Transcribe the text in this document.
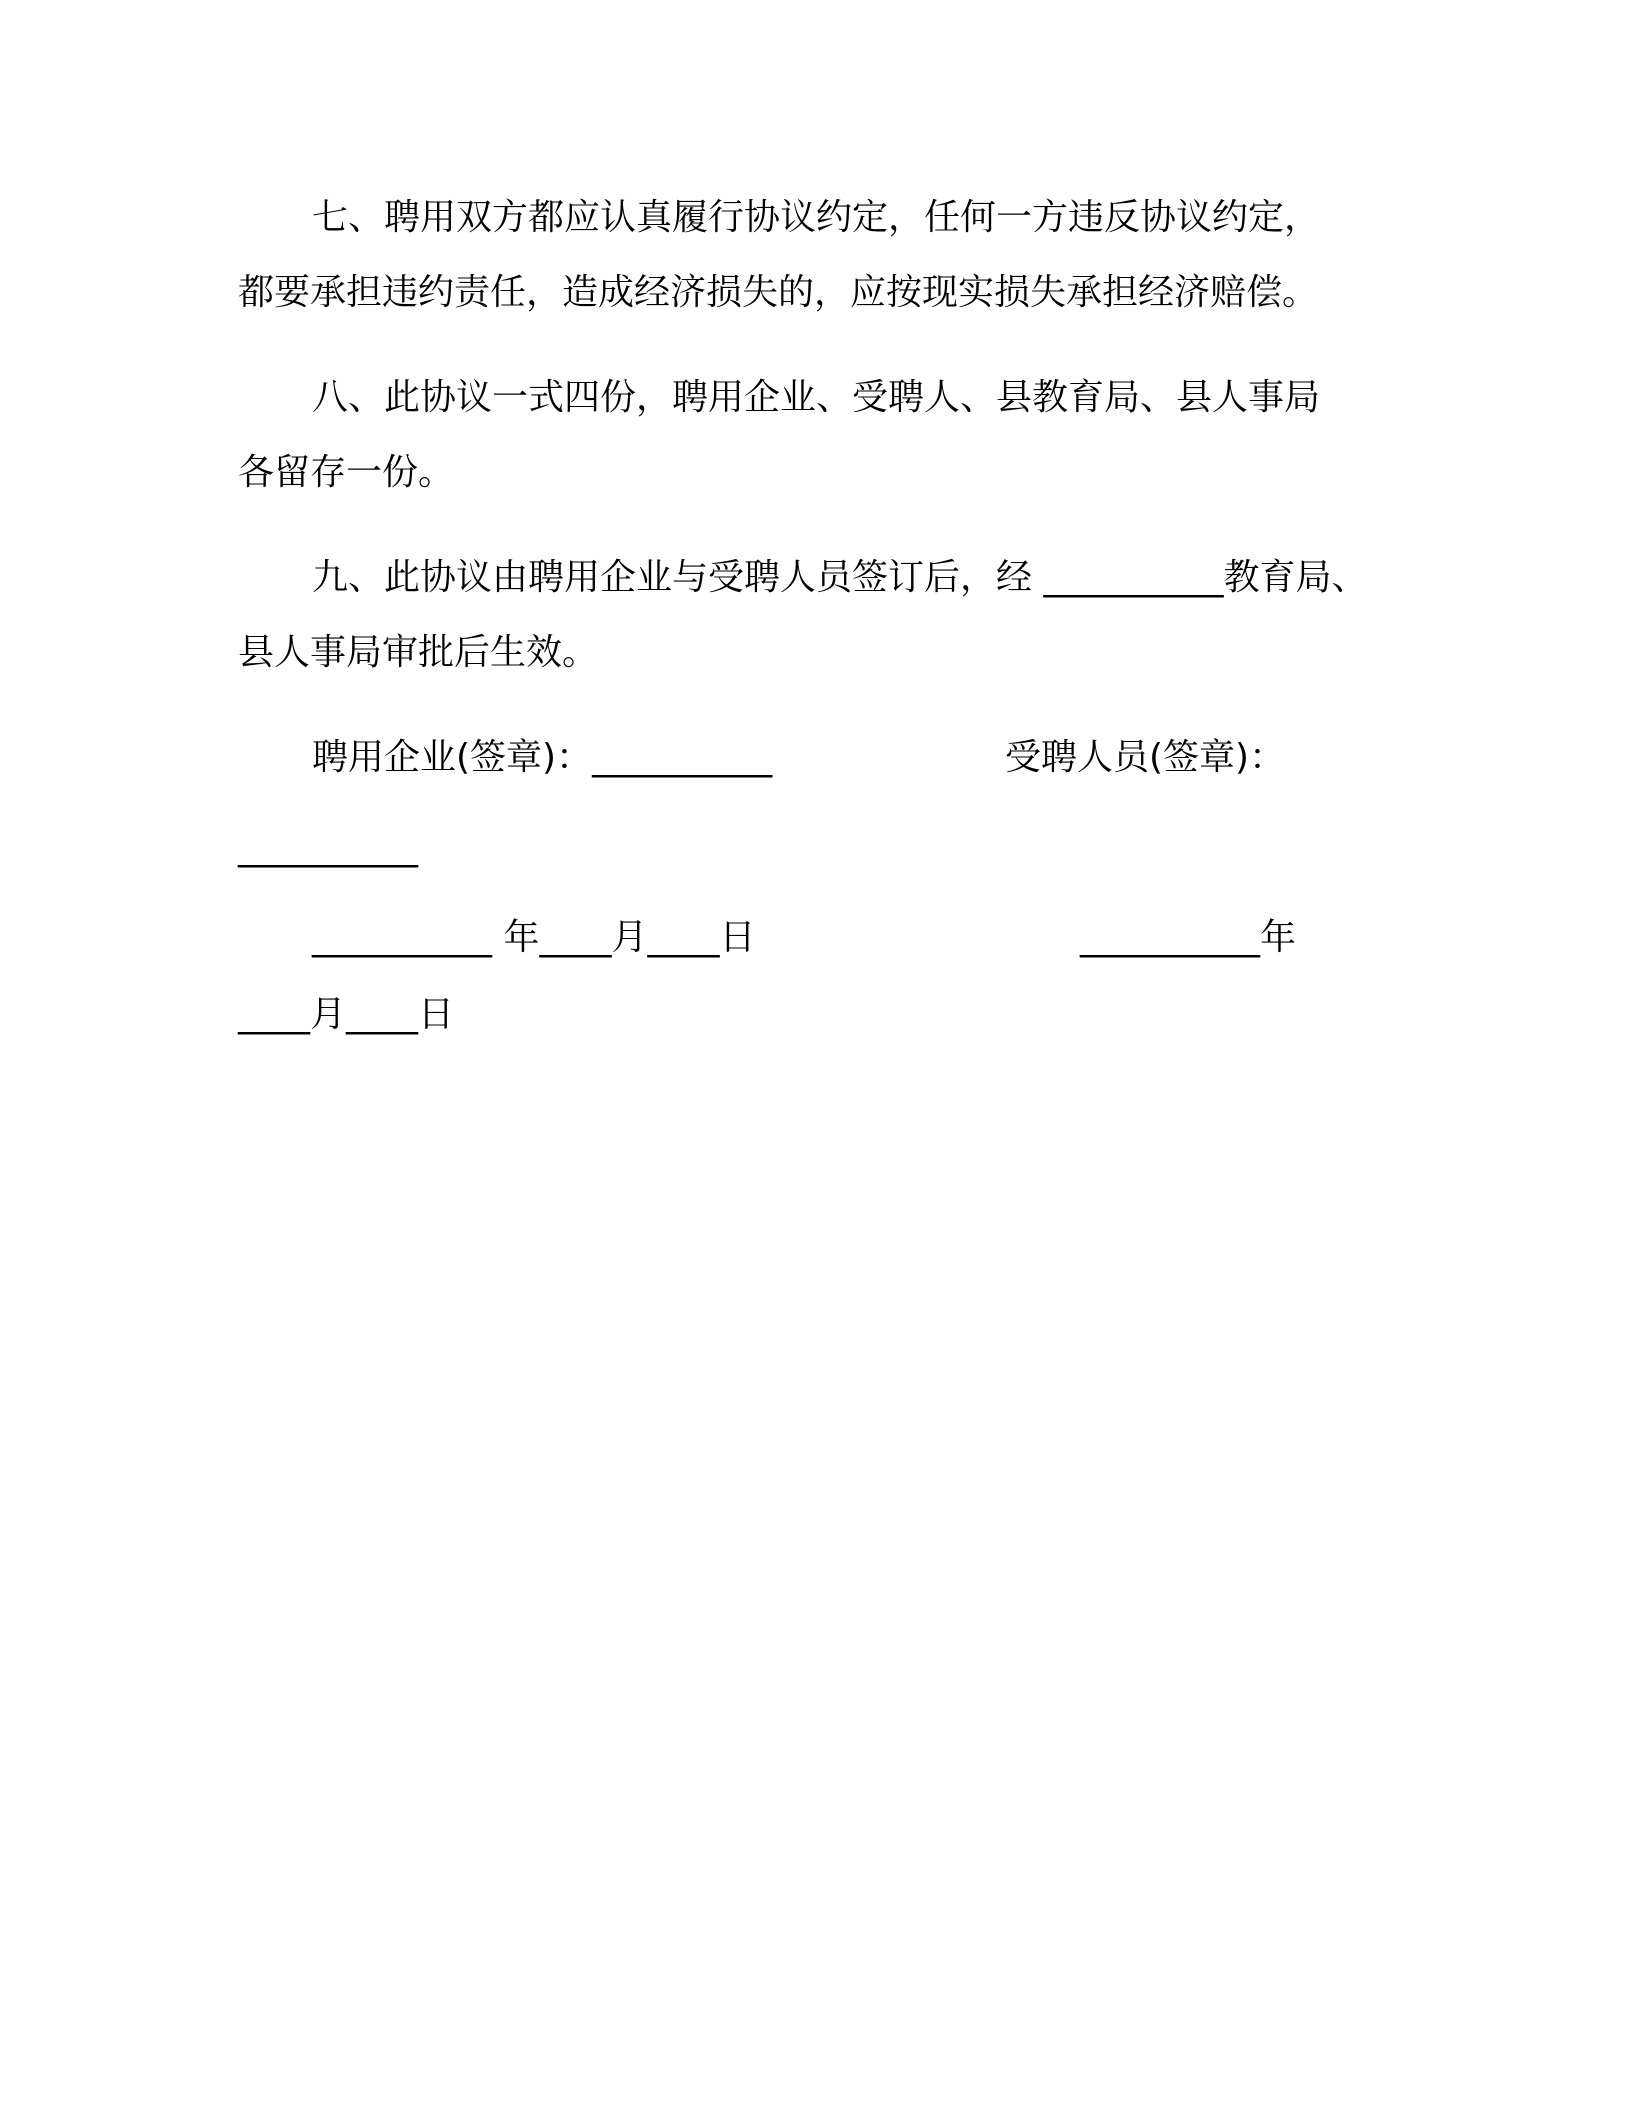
七、聘用双方都应认真履行协议约定，任何一方违反协议约定，
都要承担违约责任，造成经济损失的，应按现实损失承担经济赔偿。
八、此协议一式四份，聘用企业、受聘人、县教育局、县人事局
各留存一份。
九、此协议由聘用企业与受聘人员签订后，经 __________教育局、
县人事局审批后生效。
聘用企业(签章)：__________	受聘人员(签章)：
__________
__________ 年____月____日	__________年
____月____日
